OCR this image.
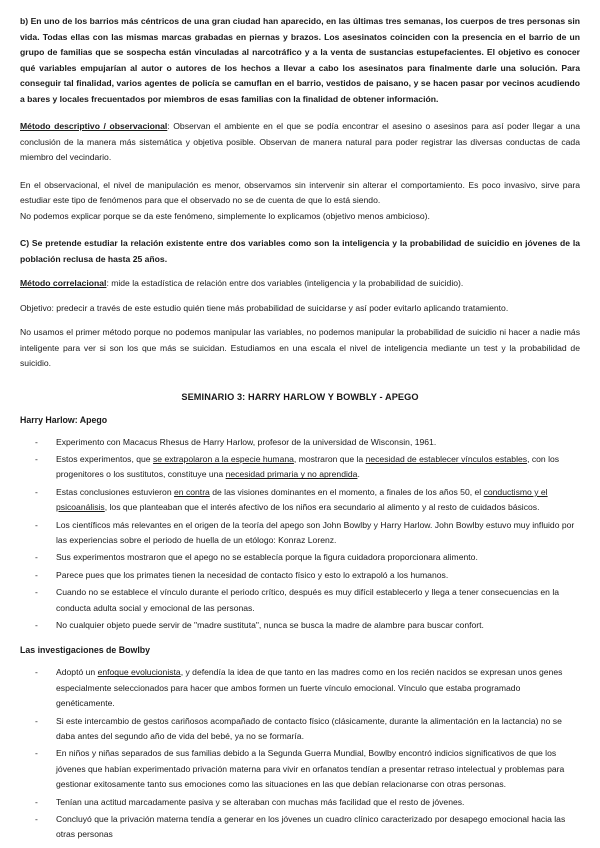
b) En uno de los barrios más céntricos de una gran ciudad han aparecido, en las últimas tres semanas, los cuerpos de tres personas sin vida. Todas ellas con las mismas marcas grabadas en piernas y brazos. Los asesinatos coinciden con la presencia en el barrio de un grupo de familias que se sospecha están vinculadas al narcotráfico y a la venta de sustancias estupefacientes. El objetivo es conocer qué variables empujarían al autor o autores de los hechos a llevar a cabo los asesinatos para finalmente darle una solución. Para conseguir tal finalidad, varios agentes de policía se camuflan en el barrio, vestidos de paisano, y se hacen pasar por vecinos acudiendo a bares y locales frecuentados por miembros de esas familias con la finalidad de obtener información.

Método descriptivo / observacional: Observan el ambiente en el que se podía encontrar el asesino o asesinos para así poder llegar a una conclusión de la manera más sistemática y objetiva posible. Observan de manera natural para poder registrar las diversas conductas de cada miembro del vecindario.

En el observacional, el nivel de manipulación es menor, observamos sin intervenir sin alterar el comportamiento. Es poco invasivo, sirve para estudiar este tipo de fenómenos para que el observado no se de cuenta de que lo está siendo.

No podemos explicar porque se da este fenómeno, simplemente lo explicamos (objetivo menos ambicioso).

C) Se pretende estudiar la relación existente entre dos variables como son la inteligencia y la probabilidad de suicidio en jóvenes de la población reclusa de hasta 25 años.

Método correlacional: mide la estadística de relación entre dos variables (inteligencia y la probabilidad de suicidio).

Objetivo: predecir a través de este estudio quién tiene más probabilidad de suicidarse y así poder evitarlo aplicando tratamiento.

No usamos el primer método porque no podemos manipular las variables, no podemos manipular la probabilidad de suicidio ni hacer a nadie más inteligente para ver si son los que más se suicidan. Estudiamos en una escala el nivel de inteligencia mediante un test y la probabilidad de suicidio.

SEMINARIO 3: HARRY HARLOW Y BOWBLY - APEGO
Harry Harlow: Apego
- Experimento con Macacus Rhesus de Harry Harlow, profesor de la universidad de Wisconsin, 1961.
- Estos experimentos, que se extrapolaron a la especie humana, mostraron que la necesidad de establecer vínculos estables, con los progenitores o los sustitutos, constituye una necesidad primaria y no aprendida.
- Estas conclusiones estuvieron en contra de las visiones dominantes en el momento, a finales de los años 50, el conductismo y el psicoanálisis, los que planteaban que el interés afectivo de los niños era secundario al alimento y al resto de cuidados básicos.
- Los científicos más relevantes en el origen de la teoría del apego son John Bowlby y Harry Harlow. John Bowlby estuvo muy influido por las experiencias sobre el periodo de huella de un etólogo: Konraz Lorenz.
- Sus experimentos mostraron que el apego no se establecía porque la figura cuidadora proporcionara alimento.
- Parece pues que los primates tienen la necesidad de contacto físico y esto lo extrapoló a los humanos.
- Cuando no se establece el vínculo durante el periodo crítico, después es muy difícil establecerlo y llega a tener consecuencias en la conducta adulta social y emocional de las personas.
- No cualquier objeto puede servir de "madre sustituta", nunca se busca la madre de alambre para buscar confort.
Las investigaciones de Bowlby
- Adoptó un enfoque evolucionista, y defendía la idea de que tanto en las madres como en los recién nacidos se expresan unos genes especialmente seleccionados para hacer que ambos formen un fuerte vínculo emocional. Vínculo que estaba programado genéticamente.
- Si este intercambio de gestos cariñosos acompañado de contacto físico (clásicamente, durante la alimentación en la lactancia) no se daba antes del segundo año de vida del bebé, ya no se formaría.
- En niños y niñas separados de sus familias debido a la Segunda Guerra Mundial, Bowlby encontró indicios significativos de que los jóvenes que habían experimentado privación materna para vivir en orfanatos tendían a presentar retraso intelectual y problemas para gestionar exitosamente tanto sus emociones como las situaciones en las que debían relacionarse con otras personas.
- Tenían una actitud marcadamente pasiva y se alteraban con muchas más facilidad que el resto de jóvenes.
- Concluyó que la privación materna tendía a generar en los jóvenes un cuadro clínico caracterizado por desapego emocional hacia las otras personas
